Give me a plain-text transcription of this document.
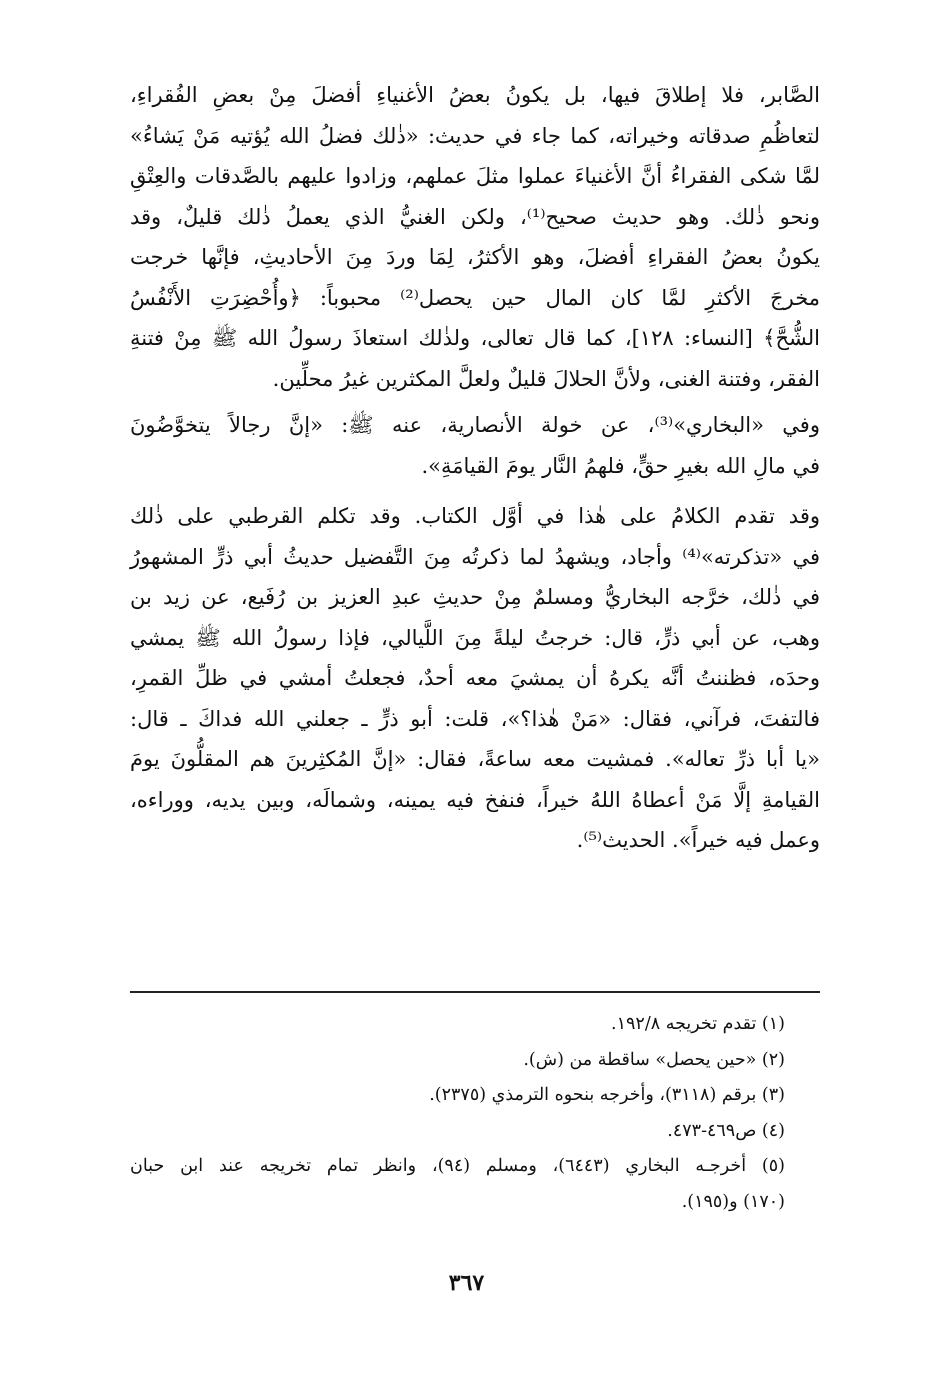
الصَّابر، فلا إطلاقَ فيها، بل يكونُ بعضُ الأغنياءِ أفضلَ مِنْ بعضِ الفُقراءِ،

لتعاظُمِ صدقاته وخيراته، كما جاء في حديث: «ذٰلك فضلُ الله يُؤتيه مَنْ يَشاءُ»

لمَّا شكى الفقراءُ أنَّ الأغنياءَ عملوا مثلَ عملهم، وزادوا عليهم بالصَّدقات والعِتْقِ

ونحو ذٰلك. وهو حديث صحيح⁽¹⁾، ولكن الغنيُّ الذي يعملُ ذٰلك قليلٌ، وقد

يكونُ بعضُ الفقراءِ أفضلَ، وهو الأكثرُ، لِمَا وردَ مِنَ الأحاديثِ، فإنَّها خرجت

مخرجَ الأكثرِ لمَّا كان المال حين يحصل⁽²⁾ محبوباً: ﴿وأُحْضِرَتِ الأَنْفُسُ

الشُّحَّ﴾ [النساء: ١٢٨]، كما قال تعالى، ولذٰلك استعاذَ رسولُ الله ﷺ مِنْ فتنةِ

الفقر، وفتنة الغنى، ولأنَّ الحلالَ قليلٌ ولعلَّ المكثرين غيرُ محلِّين.

وفي «البخاري»⁽³⁾، عن خولة الأنصارية، عنه ﷺ: «إنَّ رجالاً يتخوَّضُونَ

في مالِ الله بغيرِ حقٍّ، فلهمُ النَّار يومَ القيامَةِ».

وقد تقدم الكلامُ على هٰذا في أوَّل الكتاب. وقد تكلم القرطبي على ذٰلك

في «تذكرته»⁽⁴⁾ وأجاد، ويشهدُ لما ذكرتُه مِنَ التَّفضيل حديثُ أبي ذرٍّ المشهورُ

في ذٰلك، خرَّجه البخاريُّ ومسلمٌ مِنْ حديثِ عبدِ العزيز بن رُفَيع، عن زيد بن

وهب، عن أبي ذرٍّ، قال: خرجتُ ليلةً مِنَ اللَّيالي، فإذا رسولُ الله ﷺ يمشي

وحدَه، فظننتُ أنَّه يكرهُ أن يمشيَ معه أحدٌ، فجعلتُ أمشي في ظلِّ القمرِ،

فالتفتَ، فرآني، فقال: «مَنْ هٰذا؟»، قلت: أبو ذرٍّ ـ جعلني الله فداكَ ـ قال:

«يا أبا ذرِّ تعاله». فمشيت معه ساعةً، فقال: «إنَّ المُكثِرينَ هم المقلُّونَ يومَ

القيامةِ إلَّا مَنْ أعطاهُ اللهُ خيراً، فنفخ فيه يمينه، وشمالَه، وبين يديه، ووراءه،

وعمل فيه خيراً». الحديث⁽⁵⁾.

(١) تقدم تخريجه ١٩٢/٨.

(٢) «حين يحصل» ساقطة من (ش).

(٣) برقم (٣١١٨)، وأخرجه بنحوه الترمذي (٢٣٧٥).

(٤) ص٤٦٩-٤٧٣.

(٥) أخرجـه البخاري (٦٤٤٣)، ومسلم (٩٤)، وانظر تمام تخريجه عند ابن حبان

(١٧٠) و(١٩٥).

٣٦٧
